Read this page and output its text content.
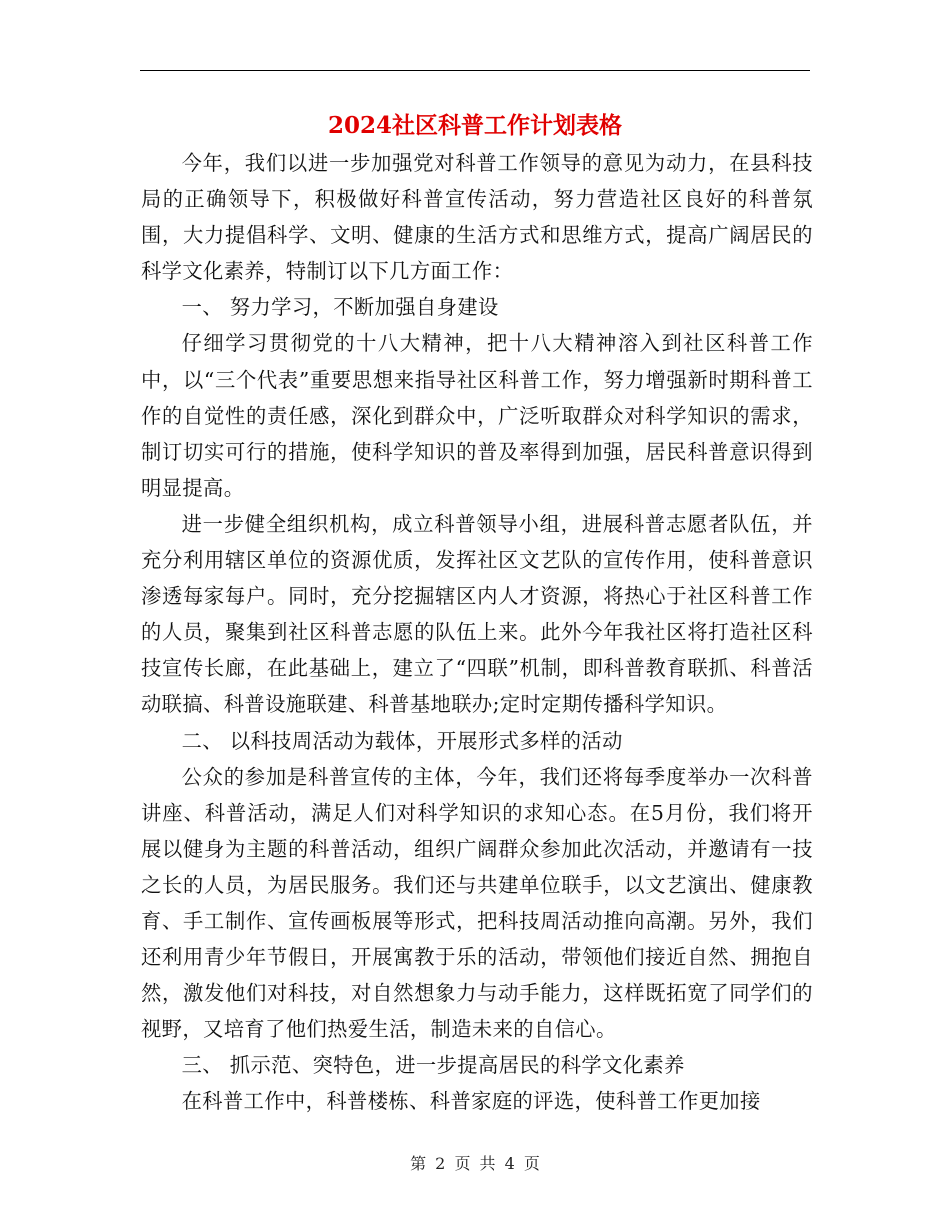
2024社区科普工作计划表格

今年，我们以进一步加强党对科普工作领导的意见为动力，在县科技局的正确领导下，积极做好科普宣传活动，努力营造社区良好的科普氛围，大力提倡科学、文明、健康的生活方式和思维方式，提高广阔居民的科学文化素养，特制订以下几方面工作：

一、 努力学习，不断加强自身建设

仔细学习贯彻党的十八大精神，把十八大精神溶入到社区科普工作中，以“三个代表”重要思想来指导社区科普工作，努力增强新时期科普工作的自觉性的责任感，深化到群众中，广泛听取群众对科学知识的需求，制订切实可行的措施，使科学知识的普及率得到加强，居民科普意识得到明显提高。

进一步健全组织机构，成立科普领导小组，进展科普志愿者队伍，并充分利用辖区单位的资源优质，发挥社区文艺队的宣传作用，使科普意识渗透每家每户。同时，充分挖掘辖区内人才资源，将热心于社区科普工作的人员，聚集到社区科普志愿的队伍上来。此外今年我社区将打造社区科技宣传长廊，在此基础上，建立了“四联”机制，即科普教育联抓、科普活动联搞、科普设施联建、科普基地联办;定时定期传播科学知识。

二、 以科技周活动为载体，开展形式多样的活动

公众的参加是科普宣传的主体，今年，我们还将每季度举办一次科普讲座、科普活动，满足人们对科学知识的求知心态。在5月份，我们将开展以健身为主题的科普活动，组织广阔群众参加此次活动，并邀请有一技之长的人员，为居民服务。我们还与共建单位联手，以文艺演出、健康教育、手工制作、宣传画板展等形式，把科技周活动推向高潮。另外，我们还利用青少年节假日，开展寓教于乐的活动，带领他们接近自然、拥抱自然，激发他们对科技，对自然想象力与动手能力，这样既拓宽了同学们的视野，又培育了他们热爱生活，制造未来的自信心。

三、 抓示范、突特色，进一步提高居民的科学文化素养

在科普工作中，科普楼栋、科普家庭的评选，使科普工作更加接

第 2 页 共 4 页
